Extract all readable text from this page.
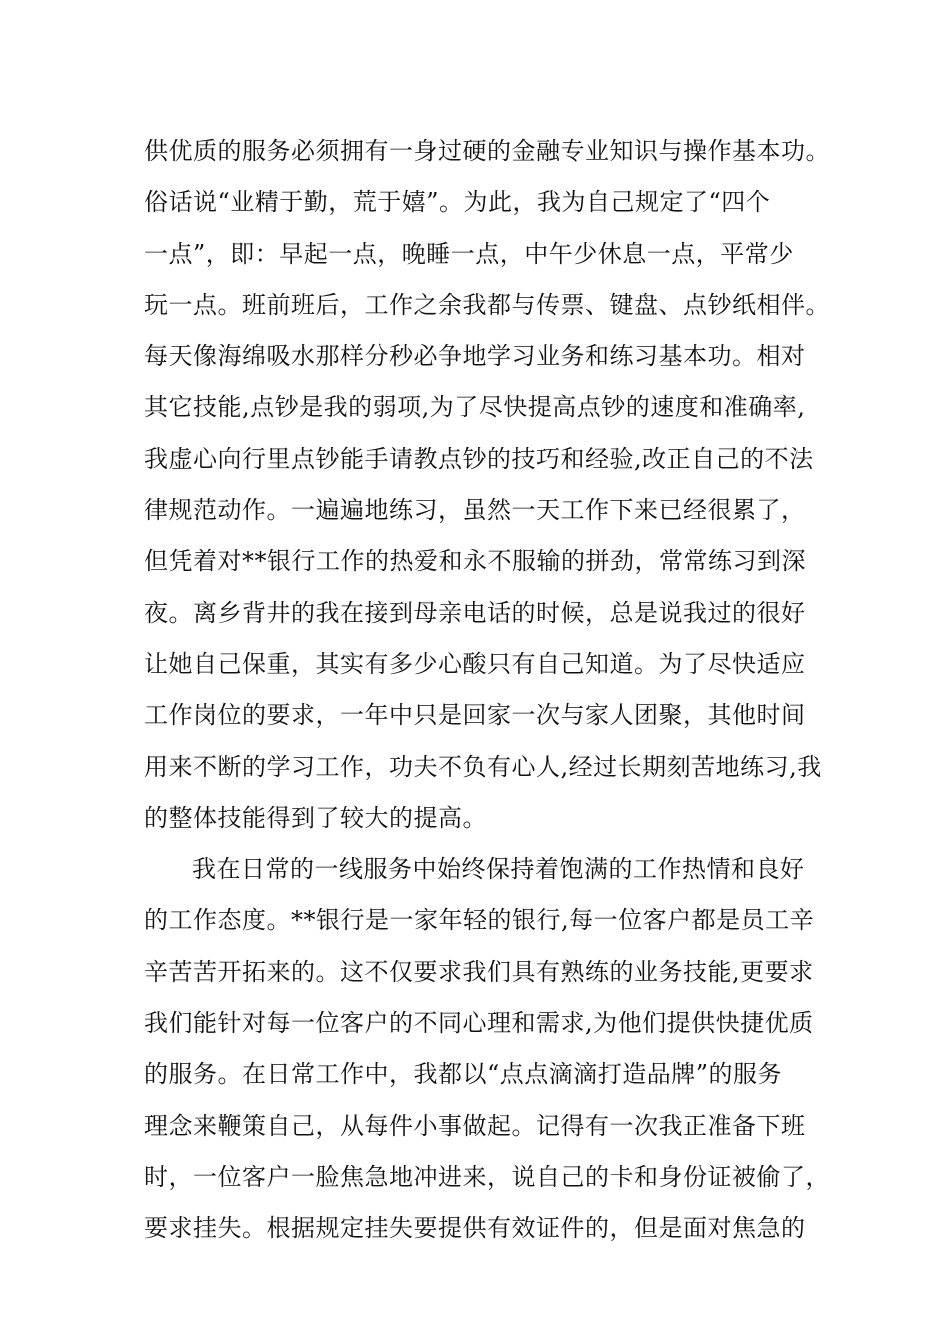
供优质的服务必须拥有一身过硬的金融专业知识与操作基本功。
俗话说“业精于勤，荒于嬉”。为此，我为自己规定了“四个
一点”，即：早起一点，晚睡一点，中午少休息一点，平常少
玩一点。班前班后，工作之余我都与传票、键盘、点钞纸相伴。
每天像海绵吸水那样分秒必争地学习业务和练习基本功。相对
其它技能,点钞是我的弱项,为了尽快提高点钞的速度和准确率,
我虚心向行里点钞能手请教点钞的技巧和经验,改正自己的不法
律规范动作。一遍遍地练习，虽然一天工作下来已经很累了，
但凭着对**银行工作的热爱和永不服输的拼劲，常常练习到深
夜。离乡背井的我在接到母亲电话的时候，总是说我过的很好
让她自己保重，其实有多少心酸只有自己知道。为了尽快适应
工作岗位的要求，一年中只是回家一次与家人团聚，其他时间
用来不断的学习工作，功夫不负有心人,经过长期刻苦地练习,我
的整体技能得到了较大的提高。
我在日常的一线服务中始终保持着饱满的工作热情和良好
的工作态度。**银行是一家年轻的银行,每一位客户都是员工辛
辛苦苦开拓来的。这不仅要求我们具有熟练的业务技能,更要求
我们能针对每一位客户的不同心理和需求,为他们提供快捷优质
的服务。在日常工作中，我都以“点点滴滴打造品牌”的服务
理念来鞭策自己，从每件小事做起。记得有一次我正准备下班
时，一位客户一脸焦急地冲进来，说自己的卡和身份证被偷了，
要求挂失。根据规定挂失要提供有效证件的，但是面对焦急的
